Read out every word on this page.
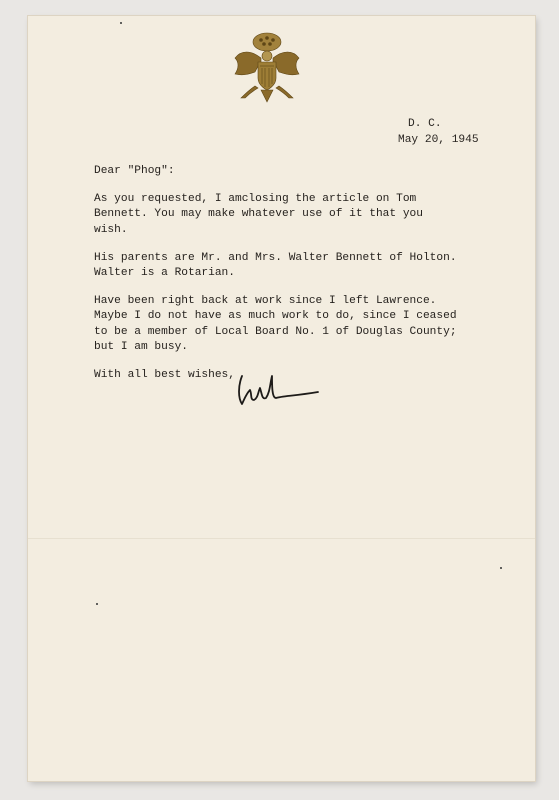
D. C.
May 20, 1945

Dear "Phog":

As you requested, I amclosing the article on Tom
Bennett. You may make whatever use of it that you
wish.

His parents are Mr. and Mrs. Walter Bennett of Holton.
Walter is a Rotarian.

Have been right back at work since I left Lawrence.
Maybe I do not have as much work to do, since I ceased
to be a member of Local Board No. 1 of Douglas County;
but I am busy.

With all best wishes,
